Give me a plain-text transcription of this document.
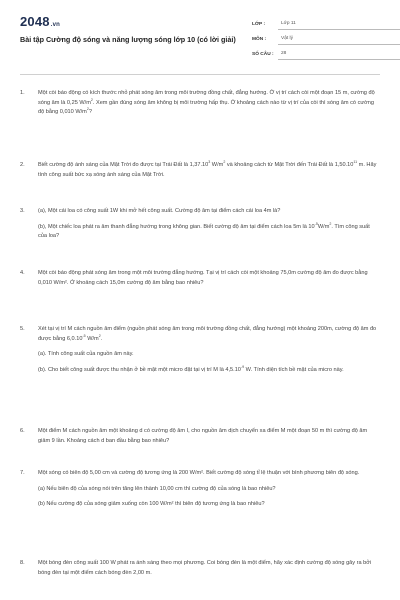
2048.vn
Bài tập Cường độ sóng và năng lượng sóng lớp 10 (có lời giải)
LỚP :	Lớp 11
MÔN :	Vật lý
SỐ CÂU :	28
1.	Một còi báo động có kích thước nhỏ phát sóng âm trong môi trường đồng chất, đẳng hướng. Ở vị trí cách còi một đoạn 15 m, cường độ sóng âm là 0,25 $W/m^2$. Xem gần đúng sóng âm không bị môi trường hấp thụ. Ở khoảng cách nào từ vị trí của còi thì sóng âm có cường độ bằng 0,010 $W/m^2$?
2.	Biết cường độ ánh sáng của Mặt Trời đo được tại Trái Đất là 1,37.10$^3$ $W/m^2$ và khoảng cách từ Mặt Trời đến Trái Đất là 1,50.10$^{11}$ m. Hãy tính công suất bức xạ sóng ánh sáng của Mặt Trời.
3.	(a), Một cái loa có công suất 1W khi mở hết công suất. Cường độ âm tại điểm cách cái loa 4m là?
(b), Một chiếc loa phát ra âm thanh đẳng hướng trong không gian. Biết cường độ âm tại điểm cách loa 5m là $10^{-5}W/m^2$. Tìm công suất của loa?
4.	Một còi báo động phát sóng âm trong một môi trường đẳng hướng. Tại vị trí cách còi một khoảng 75,0m cường độ âm đo được bằng 0,010 W/m². Ở khoảng cách 15,0m cường độ âm bằng bao nhiêu?
5.	Xét tại vị trí M cách nguồn âm điểm (nguồn phát sóng âm trong môi trường đồng chất, đẳng hướng) một khoảng 200m, cường độ âm đo được bằng $6,0.10^{-5}$ $W/m^2$.
(a). Tính công suất của nguồn âm này.
(b). Cho biết công suất được thu nhận ở bề mặt một micro đặt tại vị trí M là $4,5.10^{-9}$ W. Tính diện tích bề mặt của micro này.
6.	Một điểm M cách nguồn âm một khoảng d có cường độ âm I, cho nguồn âm dịch chuyển xa điểm M một đoạn 50 m thì cường độ âm giảm 9 lần. Khoảng cách d ban đầu bằng bao nhiêu?
7.	Một sóng có biên độ 5,00 cm và cường độ tương ứng là 200 W/m². Biết cường độ sóng tỉ lệ thuận với bình phương biên độ sóng.
(a) Nếu biên độ của sóng nói trên tăng lên thành 10,00 cm thì cường độ của sóng là bao nhiêu?
(b) Nếu cường độ của sóng giảm xuống còn 100 W/m² thì biên độ tương ứng là bao nhiêu?
8.	Một bóng đèn công suất 100 W phát ra ánh sáng theo mọi phương. Coi bóng đèn là một điểm, hãy xác định cường độ sóng gây ra bởi bóng đèn tại một điểm cách bóng đèn 2,00 m.
